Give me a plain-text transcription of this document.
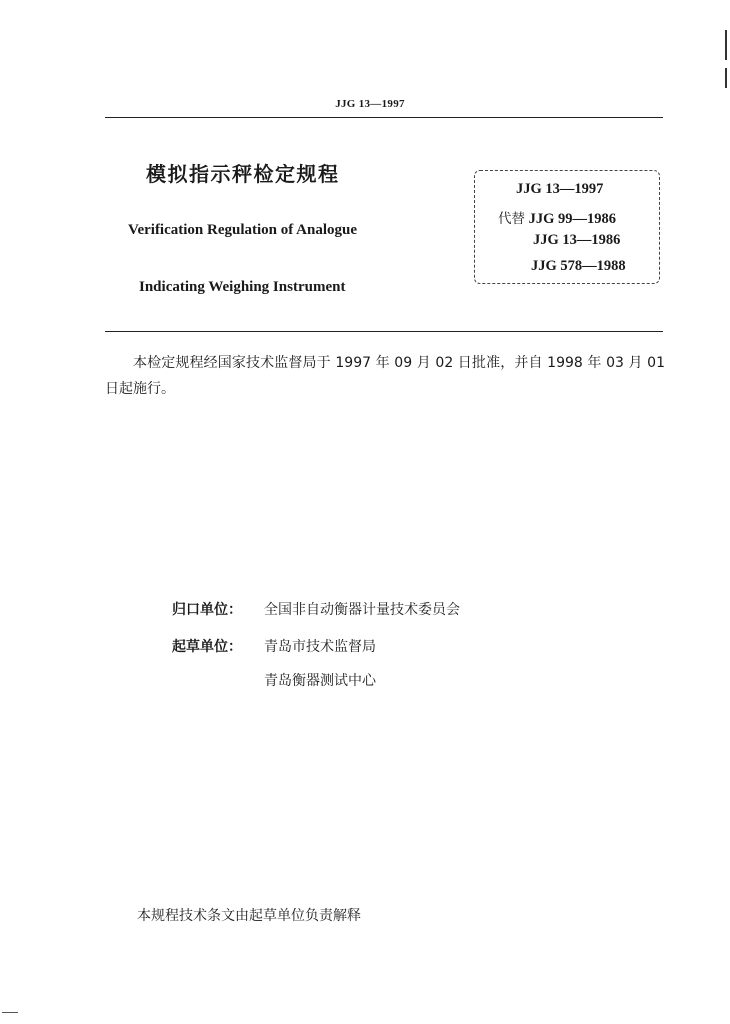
JJG 13—1997
模拟指示秤检定规程
Verification Regulation of Analogue
Indicating Weighing Instrument
JJG 13—1997
代替 JJG 99—1986
JJG 13—1986
JJG 578—1988
本检定规程经国家技术监督局于 1997 年 09 月 02 日批准，并自 1998 年 03 月 01 日起施行。
归口单位： 全国非自动衡器计量技术委员会
起草单位： 青岛市技术监督局
青岛衡器测试中心
本规程技术条文由起草单位负责解释
